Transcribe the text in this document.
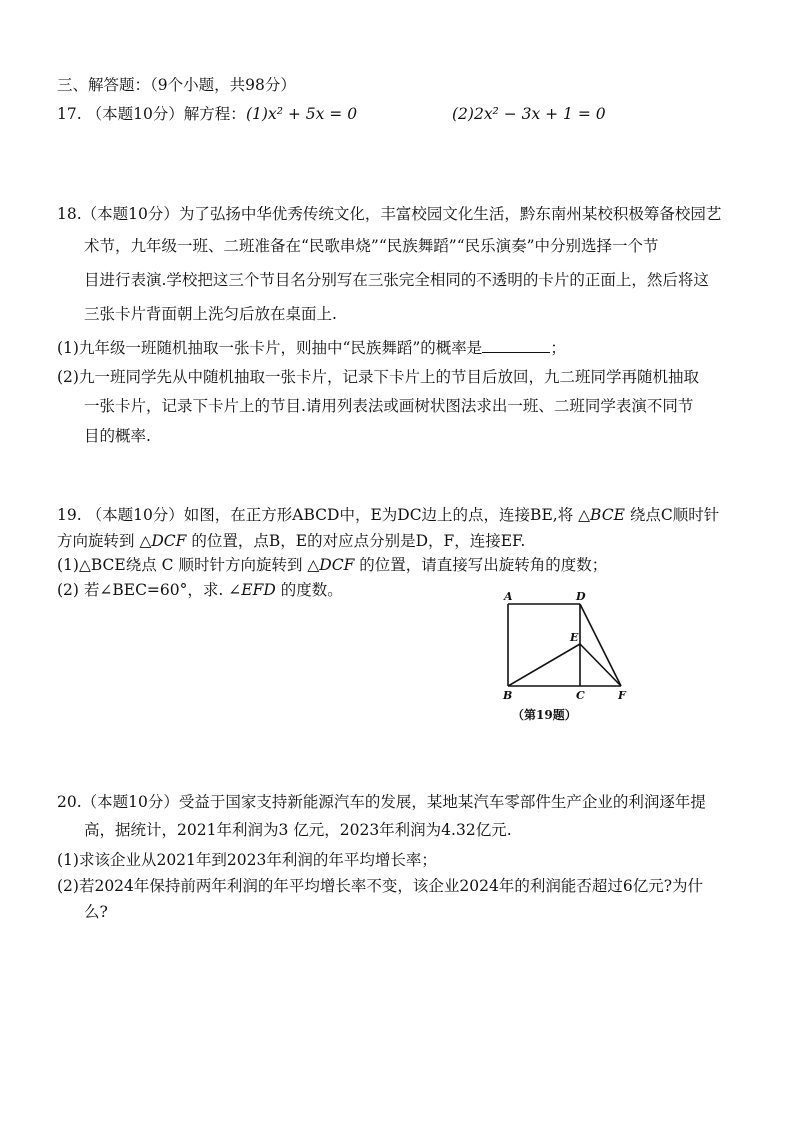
三、解答题：（9个小题，共98分）
17. （本题10分）解方程： (1)x² + 5x = 0	(2)2x² − 3x + 1 = 0
18.（本题10分）为了弘扬中华优秀传统文化，丰富校园文化生活，黔东南州某校积极筹备校园艺
术节，九年级一班、二班准备在“民歌串烧”“民族舞蹈”“民乐演奏”中分别选择一个节
目进行表演.学校把这三个节目名分别写在三张完全相同的不透明的卡片的正面上，然后将这
三张卡片背面朝上洗匀后放在桌面上.
(1)九年级一班随机抽取一张卡片，则抽中“民族舞蹈”的概率是	；
(2)九一班同学先从中随机抽取一张卡片，记录下卡片上的节目后放回，九二班同学再随机抽取
一张卡片，记录下卡片上的节目.请用列表法或画树状图法求出一班、二班同学表演不同节
目的概率.
19. （本题10分）如图，在正方形ABCD中，E为DC边上的点，连接BE,将 △BCE 绕点C顺时针
方向旋转到 △DCF 的位置，点B，E的对应点分别是D，F，连接EF.
(1)△BCE绕点 C 顺时针方向旋转到 △DCF 的位置，请直接写出旋转角的度数；
(2) 若∠BEC=60°，求. ∠EFD 的度数。	A	D
E
B	C	F
（第19题）
20.（本题10分）受益于国家支持新能源汽车的发展，某地某汽车零部件生产企业的利润逐年提
高，据统计，2021年利润为3 亿元，2023年利润为4.32亿元.
(1)求该企业从2021年到2023年利润的年平均增长率；
(2)若2024年保持前两年利润的年平均增长率不变，该企业2024年的利润能否超过6亿元?为什
么?
